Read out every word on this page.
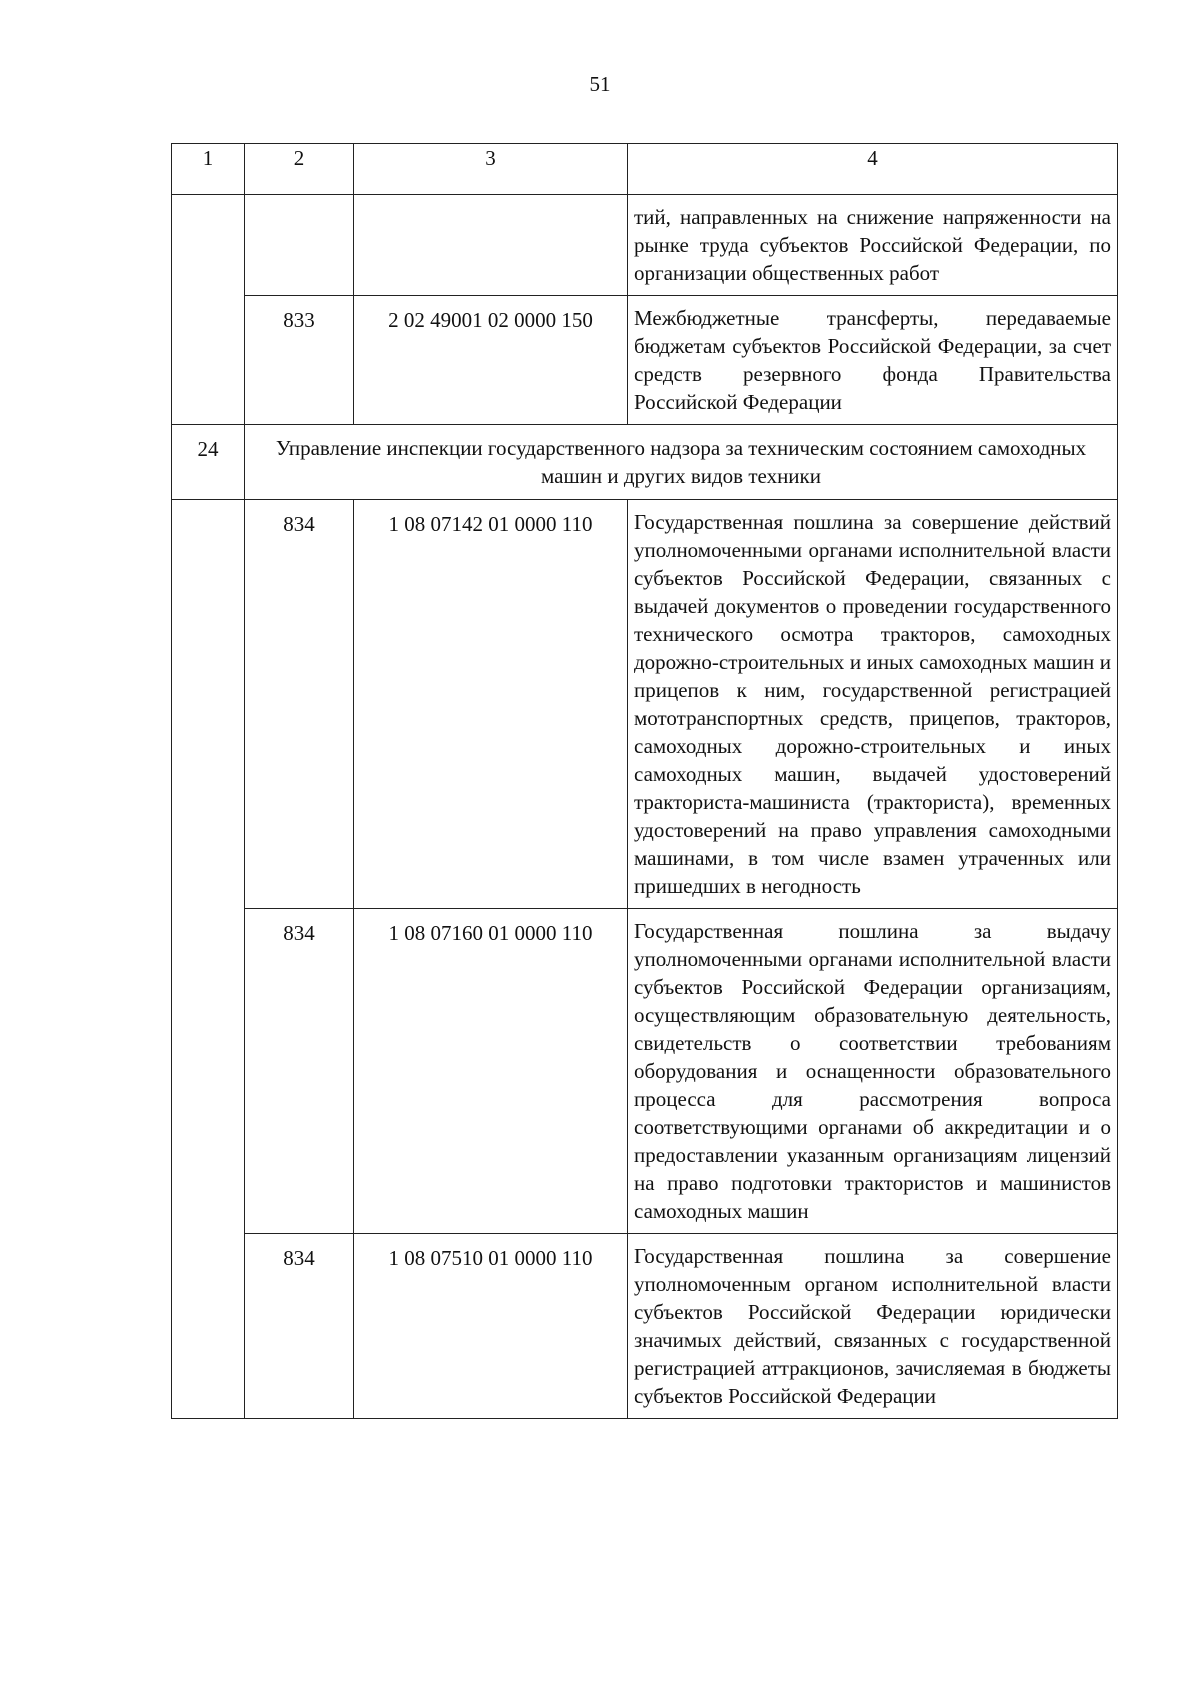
51
1	2	3	4
			тий, направленных на снижение напряженности на рынке труда субъектов Российской Федерации, по организации общественных работ
	833	2 02 49001 02 0000 150	Межбюджетные трансферты, передаваемые бюджетам субъектов Российской Федерации, за счет средств резервного фонда Правительства Российской Федерации
24	Управление инспекции государственного надзора за техническим состоянием самоходных машин и других видов техники		
	834	1 08 07142 01 0000 110	Государственная пошлина за совершение действий уполномоченными органами исполнительной власти субъектов Российской Федерации, связанных с выдачей документов о проведении государственного технического осмотра тракторов, самоходных дорожно-строительных и иных самоходных машин и прицепов к ним, государственной регистрацией мототранспортных средств, прицепов, тракторов, самоходных дорожно-строительных и иных самоходных машин, выдачей удостоверений тракториста-машиниста (тракториста), временных удостоверений на право управления самоходными машинами, в том числе взамен утраченных или пришедших в негодность
	834	1 08 07160 01 0000 110	Государственная пошлина за выдачу уполномоченными органами исполнительной власти субъектов Российской Федерации организациям, осуществляющим образовательную деятельность, свидетельств о соответствии требованиям оборудования и оснащенности образовательного процесса для рассмотрения вопроса соответствующими органами об аккредитации и о предоставлении указанным организациям лицензий на право подготовки трактористов и машинистов самоходных машин
	834	1 08 07510 01 0000 110	Государственная пошлина за совершение уполномоченным органом исполнительной власти субъектов Российской Федерации юридически значимых действий, связанных с государственной регистрацией аттракционов, зачисляемая в бюджеты субъектов Российской Федерации
